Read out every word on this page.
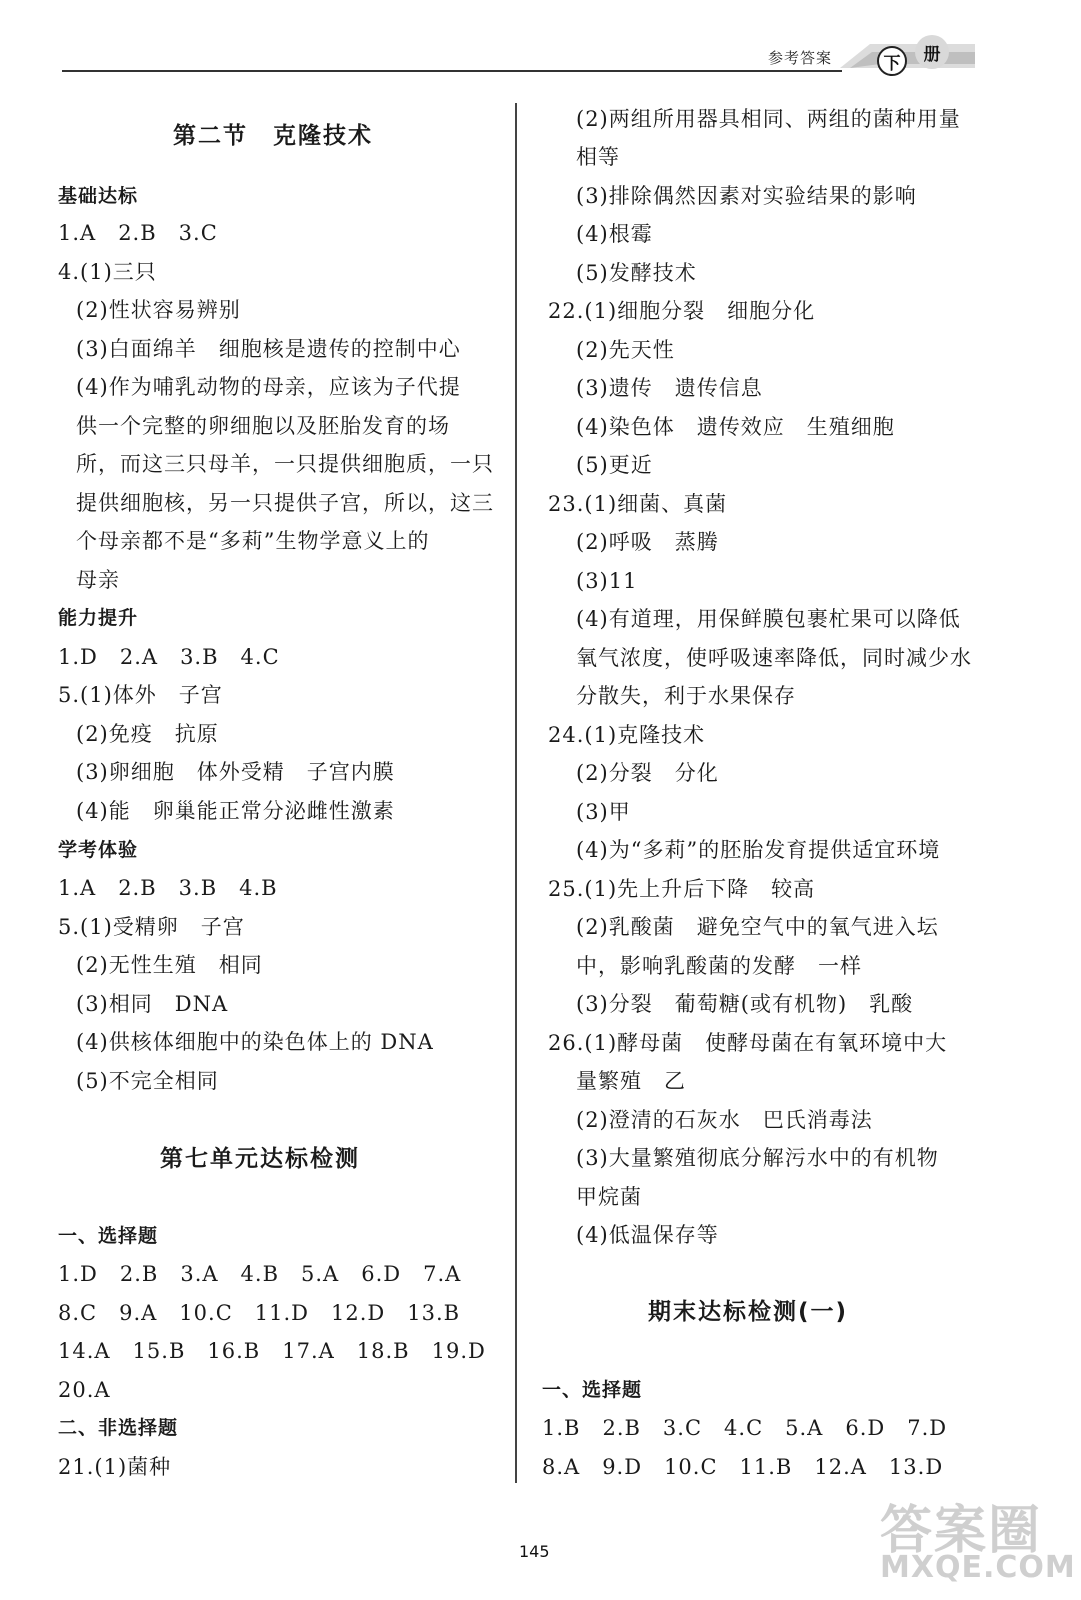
参考答案	下	册
第二节　克隆技术
基础达标
1.A　2.B　3.C
4.(1)三只
(2)性状容易辨别
(3)白面绵羊　细胞核是遗传的控制中心
(4)作为哺乳动物的母亲，应该为子代提
供一个完整的卵细胞以及胚胎发育的场
所，而这三只母羊，一只提供细胞质，一只
提供细胞核，另一只提供子宫，所以，这三
个母亲都不是“多莉”生物学意义上的
母亲
能力提升
1.D　2.A　3.B　4.C
5.(1)体外　子宫
(2)免疫　抗原
(3)卵细胞　体外受精　子宫内膜
(4)能　卵巢能正常分泌雌性激素
学考体验
1.A　2.B　3.B　4.B
5.(1)受精卵　子宫
(2)无性生殖　相同
(3)相同　DNA
(4)供核体细胞中的染色体上的 DNA
(5)不完全相同
第七单元达标检测
一、选择题
1.D　2.B　3.A　4.B　5.A　6.D　7.A
8.C　9.A　10.C　11.D　12.D　13.B
14.A　15.B　16.B　17.A　18.B　19.D
20.A
二、非选择题
21.(1)菌种
(2)两组所用器具相同、两组的菌种用量
相等
(3)排除偶然因素对实验结果的影响
(4)根霉
(5)发酵技术
22.(1)细胞分裂　细胞分化
(2)先天性
(3)遗传　遗传信息
(4)染色体　遗传效应　生殖细胞
(5)更近
23.(1)细菌、真菌
(2)呼吸　蒸腾
(3)11
(4)有道理，用保鲜膜包裹杧果可以降低
氧气浓度，使呼吸速率降低，同时减少水
分散失，利于水果保存
24.(1)克隆技术
(2)分裂　分化
(3)甲
(4)为“多莉”的胚胎发育提供适宜环境
25.(1)先上升后下降　较高
(2)乳酸菌　避免空气中的氧气进入坛
中，影响乳酸菌的发酵　一样
(3)分裂　葡萄糖(或有机物)　乳酸
26.(1)酵母菌　使酵母菌在有氧环境中大
量繁殖　乙
(2)澄清的石灰水　巴氏消毒法
(3)大量繁殖彻底分解污水中的有机物
甲烷菌
(4)低温保存等
期末达标检测(一)
一、选择题
1.B　2.B　3.C　4.C　5.A　6.D　7.D
8.A　9.D　10.C　11.B　12.A　13.D
145	答案圈
MXQE.COM
